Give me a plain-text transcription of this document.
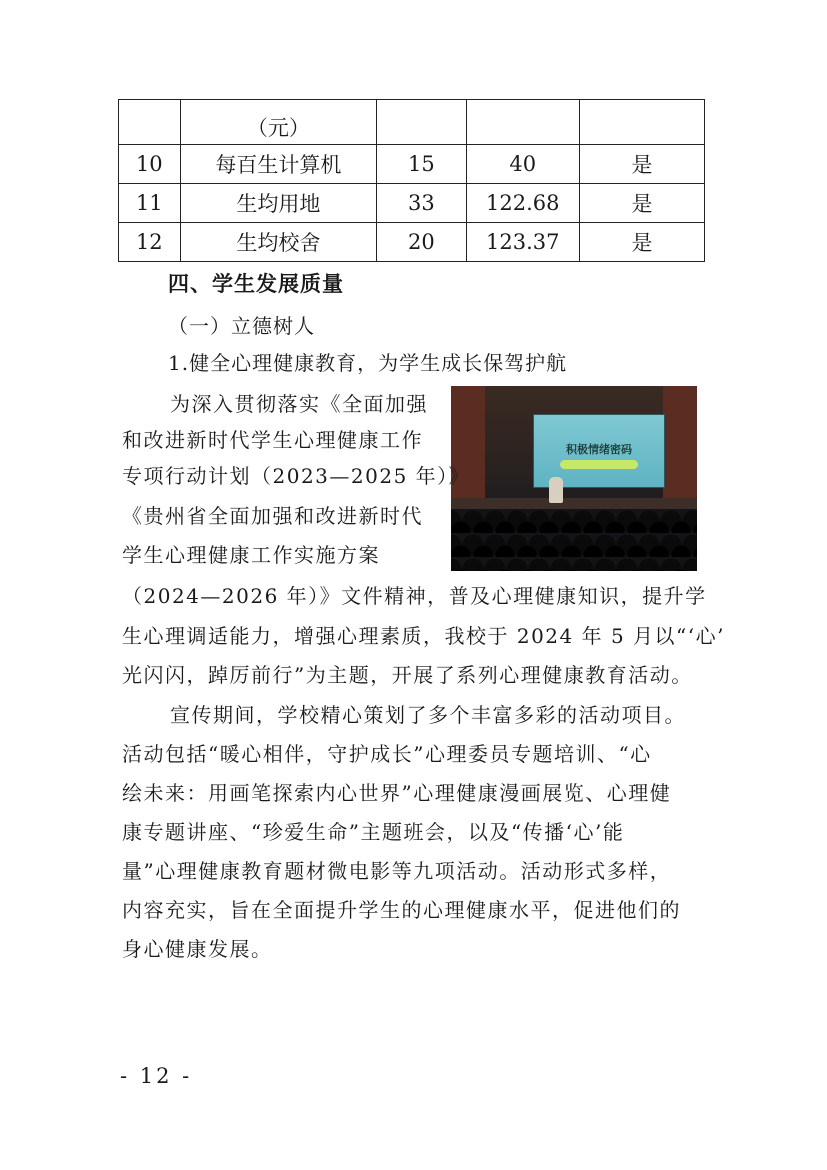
	（元）			
10	每百生计算机	15	40	是
11	生均用地	33	122.68	是
12	生均校舍	20	123.37	是
四、学生发展质量
（一）立德树人
1.健全心理健康教育，为学生成长保驾护航
积极情绪密码
为深入贯彻落实《全面加强
和改进新时代学生心理健康工作
专项行动计划（2023—2025 年）》
《贵州省全面加强和改进新时代
学生心理健康工作实施方案
（2024—2026 年）》文件精神，普及心理健康知识，提升学
生心理调适能力，增强心理素质，我校于 2024 年 5 月以“‘心’
光闪闪，踔厉前行”为主题，开展了系列心理健康教育活动。
宣传期间，学校精心策划了多个丰富多彩的活动项目。
活动包括“暖心相伴，守护成长”心理委员专题培训、“心
绘未来：用画笔探索内心世界”心理健康漫画展览、心理健
康专题讲座、“珍爱生命”主题班会，以及“传播‘心’能
量”心理健康教育题材微电影等九项活动。活动形式多样，
内容充实，旨在全面提升学生的心理健康水平，促进他们的
身心健康发展。
- 12 -
